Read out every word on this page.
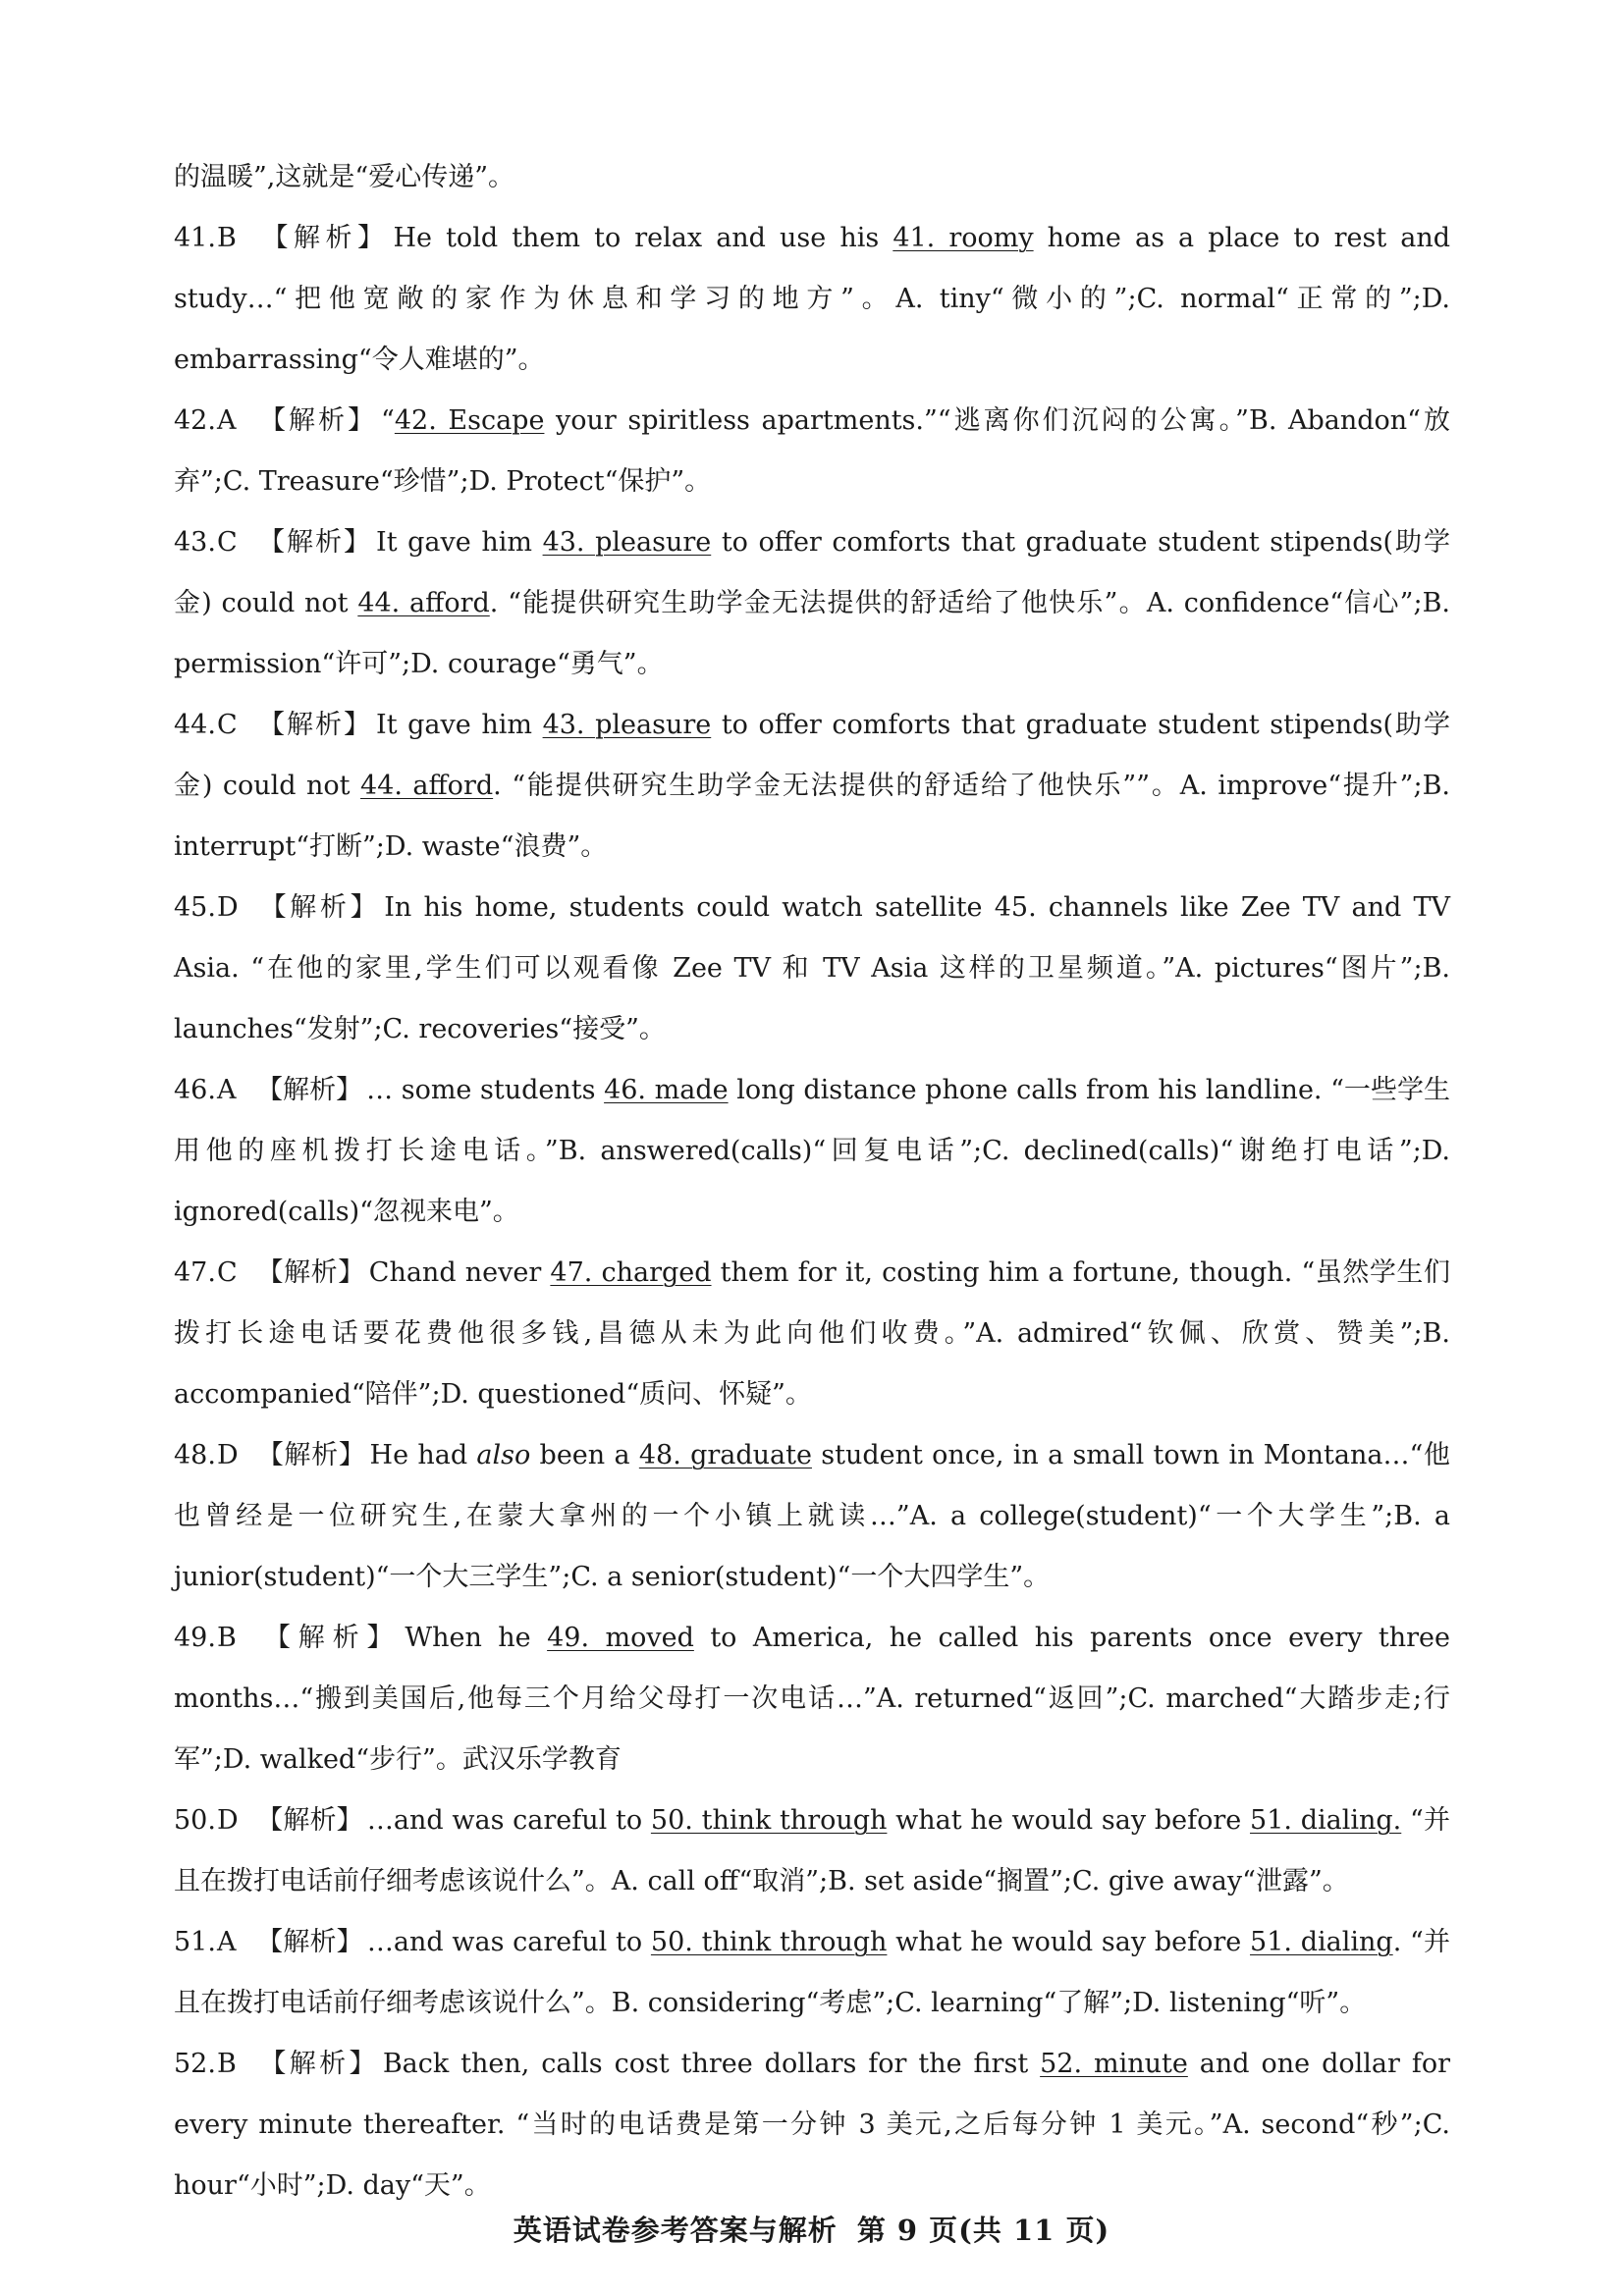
的温暖”,这就是“爱心传递”。

41.B 【解析】 He told them to relax and use his 41. roomy home as a place to rest and study…“把他宽敞的家作为休息和学习的地方”。A. tiny“微小的”;C. normal“正常的”;D. embarrassing“令人难堪的”。

42.A 【解析】 “42. Escape your spiritless apartments.”“逃离你们沉闷的公寓。”B. Abandon“放弃”;C. Treasure“珍惜”;D. Protect“保护”。

43.C 【解析】 It gave him 43. pleasure to offer comforts that graduate student stipends(助学金) could not 44. afford. “能提供研究生助学金无法提供的舒适给了他快乐”。A. confidence“信心”;B. permission“许可”;D. courage“勇气”。

44.C 【解析】 It gave him 43. pleasure to offer comforts that graduate student stipends(助学金) could not 44. afford. “能提供研究生助学金无法提供的舒适给了他快乐””。A. improve“提升”;B. interrupt“打断”;D. waste“浪费”。

45.D 【解析】 In his home, students could watch satellite 45. channels like Zee TV and TV Asia. “在他的家里,学生们可以观看像 Zee TV 和 TV Asia 这样的卫星频道。”A. pictures“图片”;B. launches“发射”;C. recoveries“接受”。

46.A 【解析】 … some students 46. made long distance phone calls from his landline. “一些学生用他的座机拨打长途电话。”B. answered(calls)“回复电话”;C. declined(calls)“谢绝打电话”;D. ignored(calls)“忽视来电”。

47.C 【解析】 Chand never 47. charged them for it, costing him a fortune, though. “虽然学生们拨打长途电话要花费他很多钱,昌德从未为此向他们收费。”A. admired“钦佩、欣赏、赞美”;B. accompanied“陪伴”;D. questioned“质问、怀疑”。

48.D 【解析】 He had also been a 48. graduate student once, in a small town in Montana…“他也曾经是一位研究生,在蒙大拿州的一个小镇上就读…”A. a college(student)“一个大学生”;B. a junior(student)“一个大三学生”;C. a senior(student)“一个大四学生”。

49.B 【解析】 When he 49. moved to America, he called his parents once every three months…“搬到美国后,他每三个月给父母打一次电话…”A. returned“返回”;C. marched“大踏步走;行军”;D. walked“步行”。武汉乐学教育

50.D 【解析】 …and was careful to 50. think through what he would say before 51. dialing. “并且在拨打电话前仔细考虑该说什么”。A. call off“取消”;B. set aside“搁置”;C. give away“泄露”。

51.A 【解析】 …and was careful to 50. think through what he would say before 51. dialing. “并且在拨打电话前仔细考虑该说什么”。B. considering“考虑”;C. learning“了解”;D. listening“听”。

52.B 【解析】 Back then, calls cost three dollars for the first 52. minute and one dollar for every minute thereafter. “当时的电话费是第一分钟 3 美元,之后每分钟 1 美元。”A. second“秒”;C. hour“小时”;D. day“天”。

英语试卷参考答案与解析 第 9 页(共 11 页)
